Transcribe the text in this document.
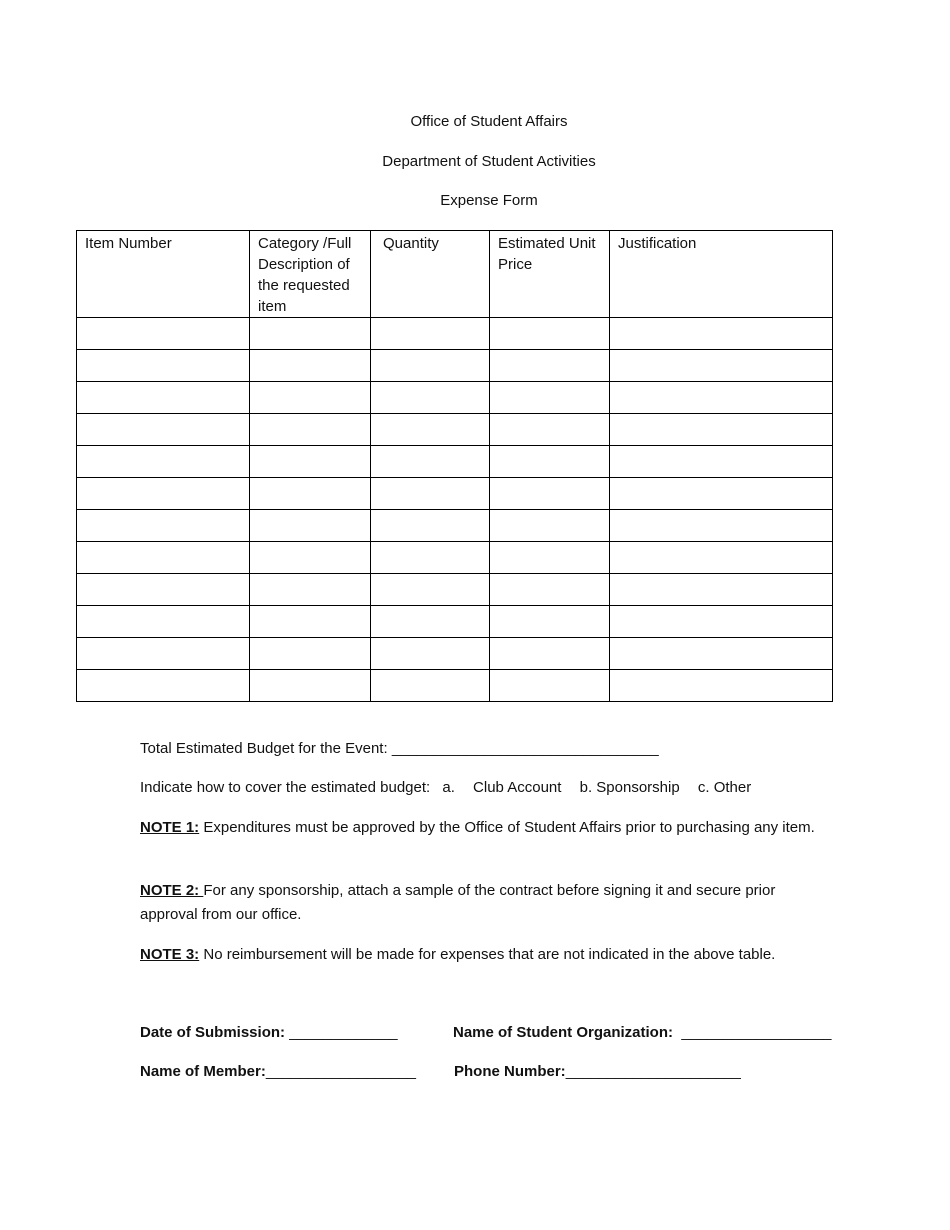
Office of Student Affairs
Department of Student Activities
Expense Form
Item Number	Category /Full Description of the requested item	Quantity	Estimated Unit Price	Justification

Total Estimated Budget for the Event: ________________________________
Indicate how to cover the estimated budget: a. Club Account b. Sponsorship c. Other
NOTE 1: Expenditures must be approved by the Office of Student Affairs prior to purchasing any item.
NOTE 2: For any sponsorship, attach a sample of the contract before signing it and secure prior approval from our office.
NOTE 3: No reimbursement will be made for expenses that are not indicated in the above table.
Date of Submission: _____________	Name of Student Organization:  __________________
Name of Member:__________________	Phone Number:_____________________
